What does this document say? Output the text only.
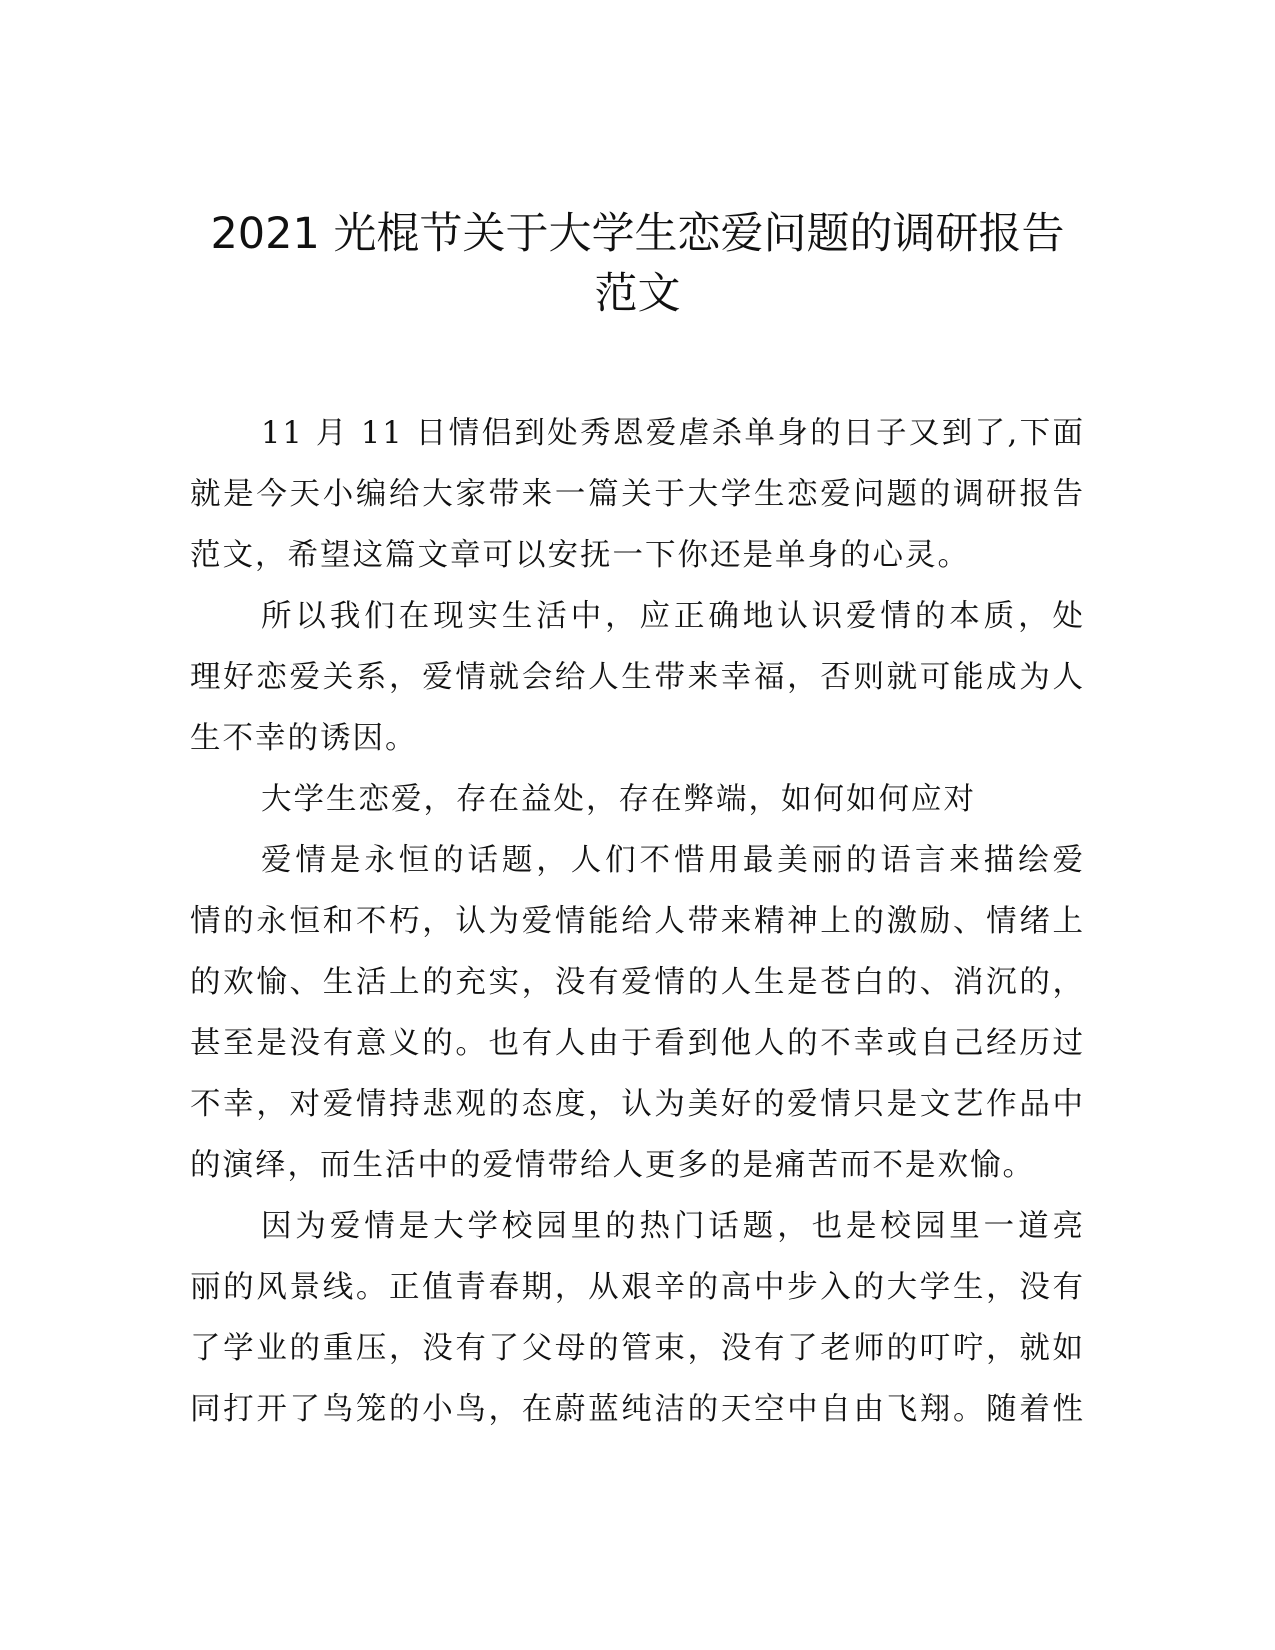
2021 光棍节关于大学生恋爱问题的调研报告
范文

11 月 11 日情侣到处秀恩爱虐杀单身的日子又到了,下面
就是今天小编给大家带来一篇关于大学生恋爱问题的调研报告
范文，希望这篇文章可以安抚一下你还是单身的心灵。

所以我们在现实生活中，应正确地认识爱情的本质，处
理好恋爱关系，爱情就会给人生带来幸福，否则就可能成为人
生不幸的诱因。

大学生恋爱，存在益处，存在弊端，如何如何应对

爱情是永恒的话题，人们不惜用最美丽的语言来描绘爱
情的永恒和不朽，认为爱情能给人带来精神上的激励、情绪上
的欢愉、生活上的充实，没有爱情的人生是苍白的、消沉的，
甚至是没有意义的。也有人由于看到他人的不幸或自己经历过
不幸，对爱情持悲观的态度，认为美好的爱情只是文艺作品中
的演绎，而生活中的爱情带给人更多的是痛苦而不是欢愉。

因为爱情是大学校园里的热门话题，也是校园里一道亮
丽的风景线。正值青春期，从艰辛的高中步入的大学生，没有
了学业的重压，没有了父母的管束，没有了老师的叮咛，就如
同打开了鸟笼的小鸟，在蔚蓝纯洁的天空中自由飞翔。随着性
